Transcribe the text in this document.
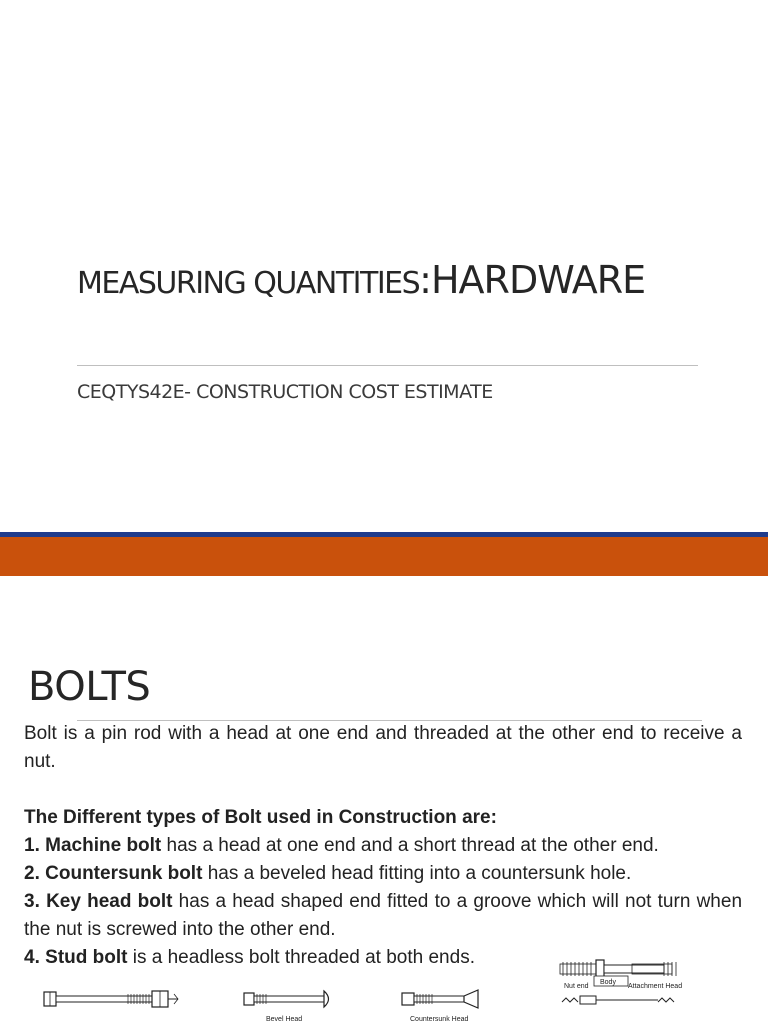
MEASURING QUANTITIES:HARDWARE
CEQTYS42E- CONSTRUCTION COST ESTIMATE
BOLTS

Bolt is a pin rod with a head at one end and threaded at the other end to receive a nut.

The Different types of Bolt used in Construction are:

1. Machine bolt has a head at one end and a short thread at the other end.

2. Countersunk bolt has a beveled head fitting into a countersunk hole.

3. Key head bolt has a head shaped end fitted to a groove which will not turn when the nut is screwed into the other end.

4. Stud bolt is a headless bolt threaded at both ends.

Bevel Head	Countersunk Head
Body
Nut end	Attachment Head
